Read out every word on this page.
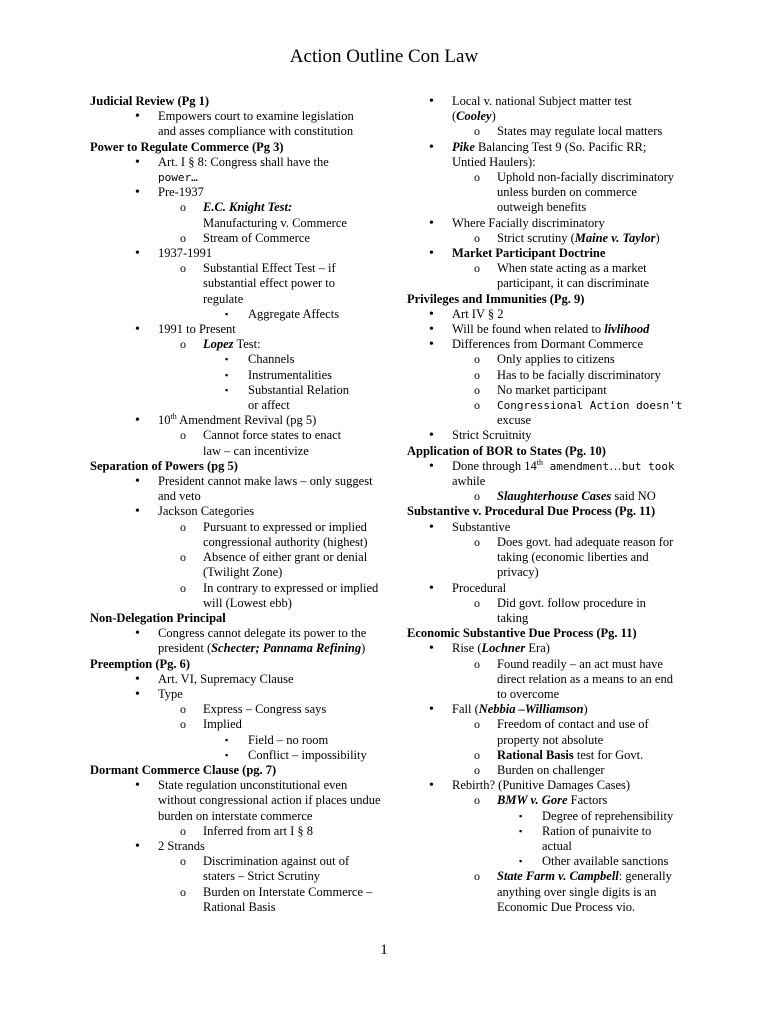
Action Outline Con Law
Judicial Review (Pg 1)
• Empowers court to examine legislation
and asses compliance with constitution
Power to Regulate Commerce (Pg 3)
• Art. I § 8: Congress shall have the
power…
• Pre-1937
o E.C. Knight Test:
Manufacturing v. Commerce
o Stream of Commerce
• 1937-1991
o Substantial Effect Test – if
substantial effect power to
regulate
▪ Aggregate Affects
• 1991 to Present
o Lopez Test:
▪ Channels
▪ Instrumentalities
▪ Substantial Relation
or affect
• 10th Amendment Revival (pg 5)
o Cannot force states to enact
law – can incentivize
Separation of Powers (pg 5)
• President cannot make laws – only suggest
and veto
• Jackson Categories
o Pursuant to expressed or implied
congressional authority (highest)
o Absence of either grant or denial
(Twilight Zone)
o In contrary to expressed or implied
will (Lowest ebb)
Non-Delegation Principal
• Congress cannot delegate its power to the
president (Schecter; Pannama Refining)
Preemption (Pg. 6)
• Art. VI, Supremacy Clause
• Type
o Express – Congress says
o Implied
▪ Field – no room
▪ Conflict – impossibility
Dormant Commerce Clause (pg. 7)
• State regulation unconstitutional even
without congressional action if places undue
burden on interstate commerce
o Inferred from art I § 8
• 2 Strands
o Discrimination against out of
staters – Strict Scrutiny
o Burden on Interstate Commerce –
Rational Basis
• Local v. national Subject matter test
(Cooley)
o States may regulate local matters
• Pike Balancing Test 9 (So. Pacific RR;
Untied Haulers):
o Uphold non-facially discriminatory
unless burden on commerce
outweigh benefits
• Where Facially discriminatory
o Strict scrutiny (Maine v. Taylor)
• Market Participant Doctrine
o When state acting as a market
participant, it can discriminate
Privileges and Immunities (Pg. 9)
• Art IV § 2
• Will be found when related to livlihood
• Differences from Dormant Commerce
o Only applies to citizens
o Has to be facially discriminatory
o No market participant
o Congressional Action doesn't
excuse
• Strict Scruitnity
Application of BOR to States (Pg. 10)
• Done through 14th amendment…but took
awhile
o Slaughterhouse Cases said NO
Substantive v. Procedural Due Process (Pg. 11)
• Substantive
o Does govt. had adequate reason for
taking (economic liberties and
privacy)
• Procedural
o Did govt. follow procedure in
taking
Economic Substantive Due Process (Pg. 11)
• Rise (Lochner Era)
o Found readily – an act must have
direct relation as a means to an end
to overcome
• Fall (Nebbia –Williamson)
o Freedom of contact and use of
property not absolute
o Rational Basis test for Govt.
o Burden on challenger
• Rebirth? (Punitive Damages Cases)
o BMW v. Gore Factors
▪ Degree of reprehensibility
▪ Ration of punaivite to
actual
▪ Other available sanctions
o State Farm v. Campbell: generally
anything over single digits is an
Economic Due Process vio.
1
